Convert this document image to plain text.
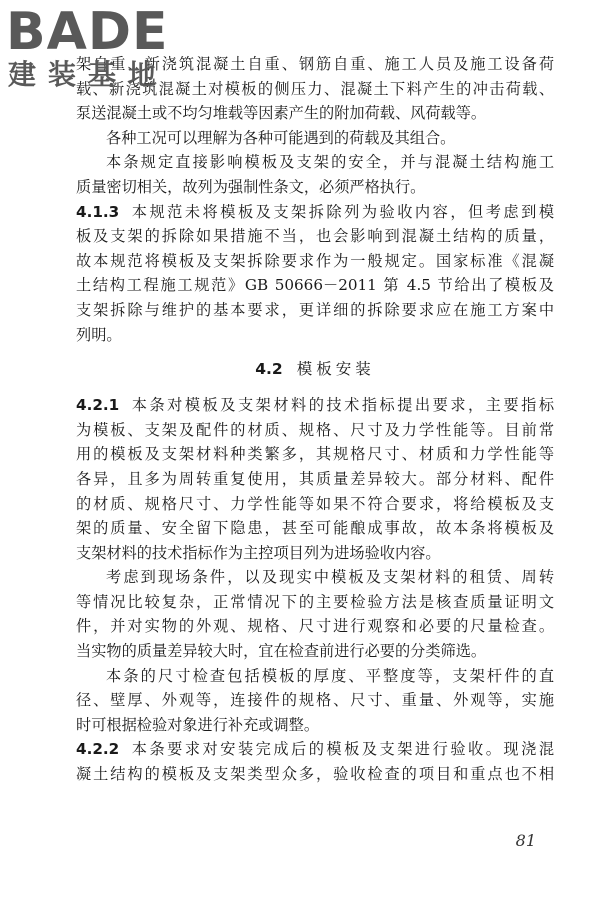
BADE
建装基地

架自重、新浇筑混凝土自重、钢筋自重、施工人员及施工设备荷

载、新浇筑混凝土对模板的侧压力、混凝土下料产生的冲击荷载、

泵送混凝土或不均匀堆载等因素产生的附加荷载、风荷载等。

各种工况可以理解为各种可能遇到的荷载及其组合。

本条规定直接影响模板及支架的安全，并与混凝土结构施工

质量密切相关，故列为强制性条文，必须严格执行。

4.1.3 本规范未将模板及支架拆除列为验收内容，但考虑到模

板及支架的拆除如果措施不当，也会影响到混凝土结构的质量，

故本规范将模板及支架拆除要求作为一般规定。国家标准《混凝

土结构工程施工规范》GB 50666－2011 第 4.5 节给出了模板及

支架拆除与维护的基本要求，更详细的拆除要求应在施工方案中

列明。

4.2 模板安装

4.2.1 本条对模板及支架材料的技术指标提出要求，主要指标

为模板、支架及配件的材质、规格、尺寸及力学性能等。目前常

用的模板及支架材料种类繁多，其规格尺寸、材质和力学性能等

各异，且多为周转重复使用，其质量差异较大。部分材料、配件

的材质、规格尺寸、力学性能等如果不符合要求，将给模板及支

架的质量、安全留下隐患，甚至可能酿成事故，故本条将模板及

支架材料的技术指标作为主控项目列为进场验收内容。

考虑到现场条件，以及现实中模板及支架材料的租赁、周转

等情况比较复杂，正常情况下的主要检验方法是核查质量证明文

件，并对实物的外观、规格、尺寸进行观察和必要的尺量检查。

当实物的质量差异较大时，宜在检查前进行必要的分类筛选。

本条的尺寸检查包括模板的厚度、平整度等，支架杆件的直

径、壁厚、外观等，连接件的规格、尺寸、重量、外观等，实施

时可根据检验对象进行补充或调整。

4.2.2 本条要求对安装完成后的模板及支架进行验收。现浇混

凝土结构的模板及支架类型众多，验收检查的项目和重点也不相

81
